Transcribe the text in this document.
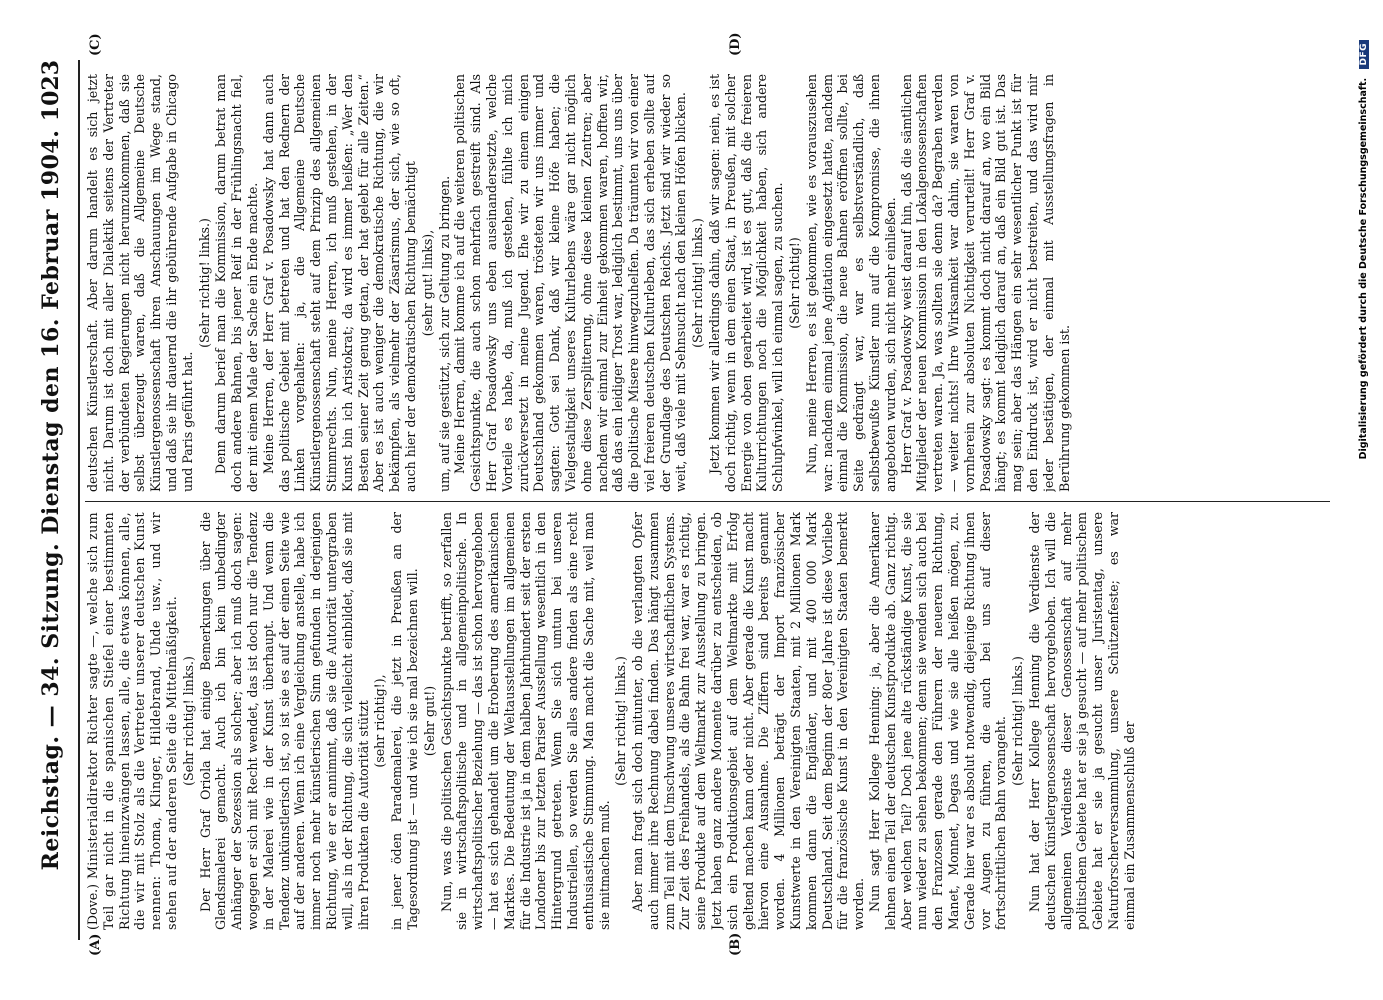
Reichstag. — 34. Sitzung. Dienstag den 16. Februar 1904.
1023
(A)	(B)
(C)	(D)

(Dove.) Ministerialdirektor Richter sagte —, welche sich zum Teil gar nicht in die spanischen Stiefel einer bestimmten Richtung hineinzwängen lassen, alle, die etwas können, alle, die wir mit Stolz als die Vertreter unserer deutschen Kunst nennen: Thoma, Klinger, Hildebrand, Uhde usw., und wir sehen auf der anderen Seite die Mittelmäßigkeit. (Sehr richtig! links.) Der Herr Graf Oriola hat einige Bemerkungen über die Glendsmalerei gemacht. Auch ich bin kein unbedingter Anhänger der Sezession als solcher; aber ich muß doch sagen: wogegen er sich mit Recht wendet, das ist doch nur die Tendenz in der Malerei wie in der Kunst überhaupt. Und wenn die Tendenz unkünstlerisch ist, so ist sie es auf der einen Seite wie auf der anderen. Wenn ich eine Vergleichung anstelle, habe ich immer noch mehr künstlerischen Sinn gefunden in derjenigen Richtung, wie er er annimmt, daß sie die Autorität untergraben will, als in der Richtung, die sich vielleicht einbildet, daß sie mit ihren Produkten die Autorität stützt (sehr richtig!), in jener öden Parademalerei, die jetzt in Preußen an der Tagesordnung ist — und wie ich sie mal bezeichnen will. (Sehr gut!) Nun, was die politischen Gesichtspunkte betrifft, so zerfallen sie in wirtschaftspolitische und in allgemeinpolitische. In wirtschaftspolitischer Beziehung — das ist schon hervorgehoben — hat es sich gehandelt um die Eroberung des amerikanischen Marktes. Die Bedeutung der Weltausstellungen im allgemeinen für die Industrie ist ja in dem halben Jahrhundert seit der ersten Londoner bis zur letzten Pariser Ausstellung wesentlich in den Hintergrund getreten. Wenn Sie sich umtun bei unseren Industriellen, so werden Sie alles andere finden als eine recht enthusiastische Stimmung. Man macht die Sache mit, weil man sie mitmachen muß.

(Sehr richtig! links.) Aber man fragt sich doch mitunter, ob die verlangten Opfer auch immer ihre Rechnung dabei finden. Das hängt zusammen zum Teil mit dem Umschwung unseres wirtschaftlichen Systems. Zur Zeit des Freihandels, als die Bahn frei war, war es richtig, seine Produkte auf dem Weltmarkt zur Ausstellung zu bringen. Jetzt haben ganz andere Momente darüber zu entscheiden, ob sich ein Produktionsgebiet auf dem Weltmarkte mit Erfolg geltend machen kann oder nicht. Aber gerade die Kunst macht hiervon eine Ausnahme. Die Ziffern sind bereits genannt worden. 4 Millionen beträgt der Import französischer Kunstwerte in den Vereinigten Staaten, mit 2 Millionen Mark kommen dann die Engländer, und mit 400 000 Mark Deutschland. Seit dem Beginn der 80er Jahre ist diese Vorliebe für die französische Kunst in den Vereinigten Staaten bemerkt worden. Nun sagt Herr Kollege Henning: ja, aber die Amerikaner lehnen einen Teil der deutschen Kunstprodukte ab. Ganz richtig. Aber welchen Teil? Doch jene alte rückständige Kunst, die sie nun wieder zu sehen bekommen; denn sie wenden sich auch bei den Franzosen gerade den Führern der neueren Richtung, Manet, Monnet, Degas und wie sie alle heißen mögen, zu. Gerade hier war es absolut notwendig, diejenige Richtung ihnen vor Augen zu führen, die auch bei uns auf dieser fortschrittlichen Bahn vorangeht. (Sehr richtig! links.) Nun hat der Herr Kollege Henning die Verdienste der deutschen Künstlergenossenschaft hervorgehoben. Ich will die allgemeinen Verdienste dieser Genossenschaft auf mehr politischem Gebiete hat er sie ja gesucht — auf mehr politischem Gebiete hat er sie ja gesucht unser Juristentag, unsere Naturforscherversammlung, unsere Schützenfeste; es war einmal ein Zusammenschluß der

deutschen Künstlerschaft. Aber darum handelt es sich jetzt nicht. Darum ist doch mit aller Dialektik seitens der Vertreter der verbündeten Regierungen nicht herumzukommen, daß sie selbst überzeugt waren, daß die Allgemeine Deutsche Künstlergenossenschaft ihren Anschauungen im Wege stand, und daß sie ihr dauernd die ihr gebührende Aufgabe in Chicago und Paris geführt hat.

(Sehr richtig! links.) Denn darum berief man die Kommission, darum betrat man doch andere Bahnen, bis jener Reif in der Frühlingsnacht fiel, der mit einem Male der Sache ein Ende machte. Meine Herren, der Herr Graf v. Posadowsky hat dann auch das politische Gebiet mit betreten und hat den Rednern der Linken vorgehalten: ja, die Allgemeine Deutsche Künstlergenossenschaft steht auf dem Prinzip des allgemeinen Stimmrechts. Nun, meine Herren, ich muß gestehen, in der Kunst bin ich Aristokrat; da wird es immer heißen: „Wer den Besten seiner Zeit genug getan, der hat gelebt für alle Zeiten.“ Aber es ist auch weniger die demokratische Richtung, die wir bekämpfen, als vielmehr der Zäsarismus, der sich, wie so oft, auch hier der demokratischen Richtung bemächtigt (sehr gut! links), um, auf sie gestützt, sich zur Geltung zu bringen. Meine Herren, damit komme ich auf die weiteren politischen Gesichtspunkte, die auch schon mehrfach gestreift sind. Als Herr Graf Posadowsky uns eben auseinandersetzte, welche Vorteile es habe, da, muß ich gestehen, fühlte ich mich zurückversetzt in meine Jugend. Ehe wir zu einem einigen Deutschland gekommen waren, trösteten wir uns immer und sagten: Gott sei Dank, daß wir kleine Höfe haben; die Vielgestaltigkeit unseres Kulturlebens wäre gar nicht möglich ohne diese Zersplitterung, ohne diese kleinen Zentren; aber nachdem wir einmal zur Einheit gekommen waren, hofften wir, daß das ein leidiger Trost war, lediglich bestimmt, uns uns über die politische Misere hinwegzuhelfen. Da träumten wir von einer viel freieren deutschen Kulturleben, das sich erheben sollte auf der Grundlage des Deutschen Reichs. Jetzt sind wir wieder so weit, daß viele mit Sehnsucht nach den kleinen Höfen blicken. (Sehr richtig! links.) Jetzt kommen wir allerdings dahin, daß wir sagen: nein, es ist doch richtig, wenn in dem einen Staat, in Preußen, mit solcher Energie von oben gearbeitet wird, ist es gut, daß die freieren Kulturrichtungen noch die Möglichkeit haben, sich andere Schlupfwinkel, will ich einmal sagen, zu suchen. (Sehr richtig!) Nun, meine Herren, es ist gekommen, wie es vorauszusehen war: nachdem einmal jene Agitation eingesetzt hatte, nachdem einmal die Kommission, die neue Bahnen eröffnen sollte, bei Seite gedrängt war, war es selbstverständlich, daß selbstbewußte Künstler nun auf die Kompromisse, die ihnen angeboten wurden, sich nicht mehr einließen. Herr Graf v. Posadowsky weist darauf hin, daß die sämtlichen Mitglieder der neuen Kommission in den Lokalgenossenschaften vertreten waren. Ja, was sollten sie denn da? Begraben werden — weiter nichts! Ihre Wirksamkeit war dahin, sie waren von vornherein zur absoluten Nichtigkeit verurteilt! Herr Graf v. Posadowsky sagt: es kommt doch nicht darauf an, wo ein Bild hängt; es kommt lediglich darauf an, daß ein Bild gut ist. Das mag sein; aber das Hängen ein sehr wesentlicher Punkt ist für den Eindruck ist, wird er nicht bestreiten, und das wird mir jeder bestätigen, der einmal mit Ausstellungsfragen in Berührung gekommen ist.	Digitalisierung gefördert durch die Deutsche Forschungsgemeinschaft. DFG
